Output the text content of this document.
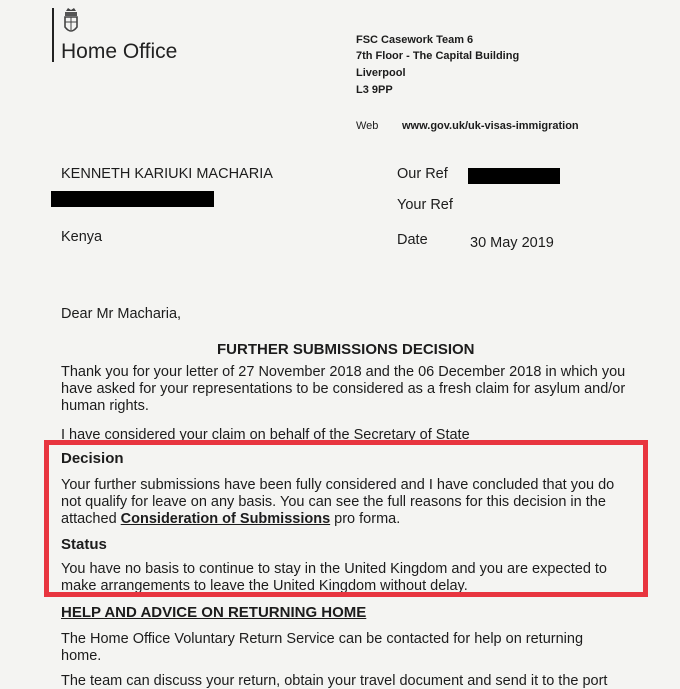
Home Office	FSC Casework Team 6
7th Floor - The Capital Building
Liverpool
L3 9PP
Web www.gov.uk/uk-visas-immigration
KENNETH KARIUKI MACHARIA
Kenya
Our Ref
Your Ref
Date	30 May 2019
Dear Mr Macharia,
FURTHER SUBMISSIONS DECISION
Thank you for your letter of 27 November 2018 and the 06 December 2018 in which you have asked for your representations to be considered as a fresh claim for asylum and/or human rights.
I have considered your claim on behalf of the Secretary of State
Decision
Your further submissions have been fully considered and I have concluded that you do not qualify for leave on any basis. You can see the full reasons for this decision in the attached Consideration of Submissions pro forma.
Status
You have no basis to continue to stay in the United Kingdom and you are expected to make arrangements to leave the United Kingdom without delay.
HELP AND ADVICE ON RETURNING HOME
The Home Office Voluntary Return Service can be contacted for help on returning home.
The team can discuss your return, obtain your travel document and send it to the port
